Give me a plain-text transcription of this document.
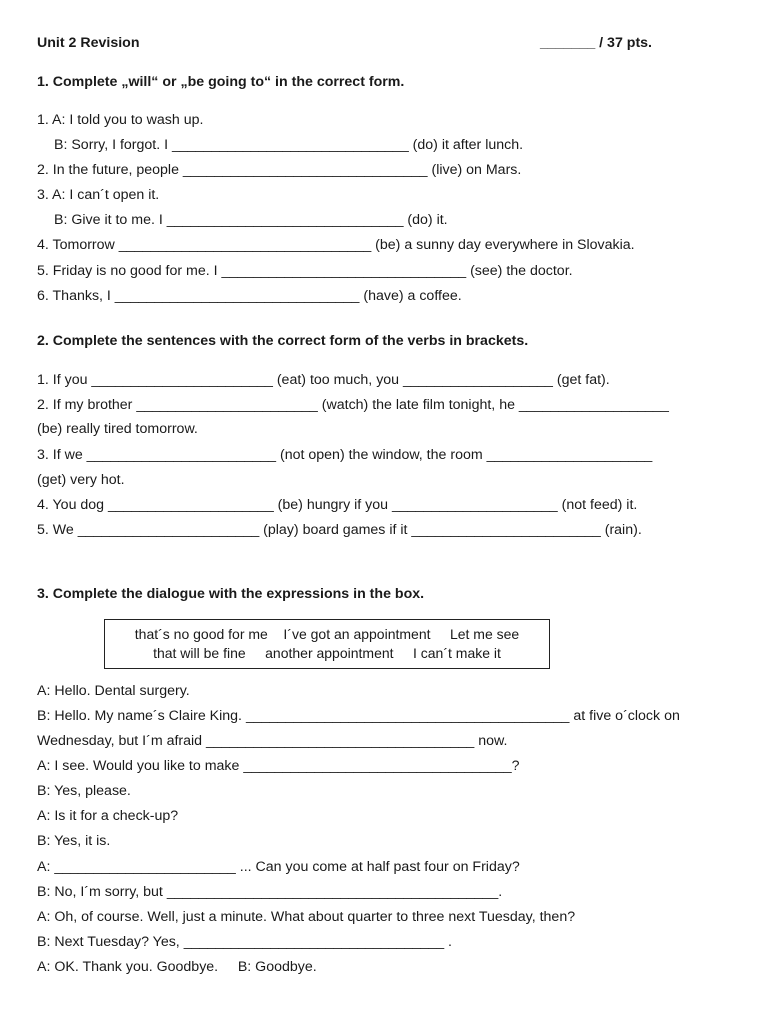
Unit 2 Revision	_______ / 37 pts.
1. Complete „will“ or „be going to“ in the correct form.
1. A: I told you to wash up.
B: Sorry, I forgot. I ______________________________ (do) it after lunch.
2. In the future, people _______________________________ (live) on Mars.
3. A: I can´t open it.
B: Give it to me. I ______________________________ (do) it.
4. Tomorrow ________________________________ (be) a sunny day everywhere in Slovakia.
5. Friday is no good for me. I _______________________________ (see) the doctor.
6. Thanks, I _______________________________ (have) a coffee.
2. Complete the sentences with the correct form of the verbs in brackets.
1. If you _______________________ (eat) too much, you ___________________ (get fat).
2. If my brother _______________________ (watch) the late film tonight, he ___________________
(be) really tired tomorrow.
3. If we ________________________ (not open) the window, the room _____________________
(get) very hot.
4. You dog _____________________ (be) hungry if you _____________________ (not feed) it.
5. We _______________________ (play) board games if it ________________________ (rain).
3. Complete the dialogue with the expressions in the box.
that´s no good for me    I´ve got an appointment     Let me see
that will be fine     another appointment     I can´t make it
A: Hello. Dental surgery.
B: Hello. My name´s Claire King. _________________________________________ at five o´clock on
Wednesday, but I´m afraid __________________________________ now.
A: I see. Would you like to make __________________________________?
B: Yes, please.
A: Is it for a check-up?
B: Yes, it is.
A: _______________________ ... Can you come at half past four on Friday?
B: No, I´m sorry, but __________________________________________.
A: Oh, of course. Well, just a minute. What about quarter to three next Tuesday, then?
B: Next Tuesday? Yes, _________________________________ .
A: OK. Thank you. Goodbye.     B: Goodbye.
